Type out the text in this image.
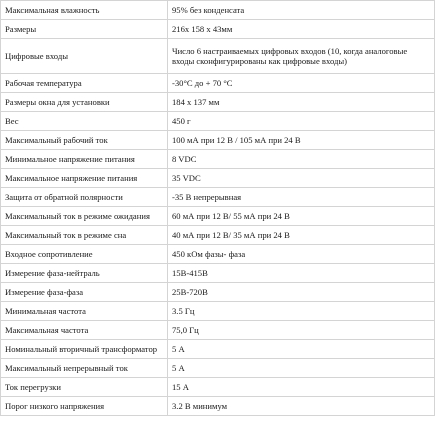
Максимальная влажность	95% без конденсата
Размеры	216x 158 x 43мм
Цифровые входы	Число 6 настраиваемых цифровых входов (10, когда аналоговые входы сконфигурированы как цифровые входы)
Рабочая температура	-30°C до + 70 °C
Размеры окна для установки	184 x 137 мм
Вес	450 г
Максимальный рабочий ток	100 мА при 12 В / 105 мА при 24 В
Минимальное напряжение питания	8 VDC
Максимальное напряжение питания	35 VDC
Защита от обратной полярности	-35 В непрерывная
Максимальный ток в режиме ожидания	60 мА при 12 В/ 55 мА при 24 В
Максимальный ток в режиме сна	40 мА при 12 В/ 35 мА при 24 В
Входное сопротивление	450 кОм фазы- фаза
Измерение фаза-нейтраль	15В-415В
Измерение фаза-фаза	25В-720В
Минимальная частота	3.5 Гц
Максимальная частота	75,0 Гц
Номинальный вторичный трансформатор	5 А
Максимальный непрерывный ток	5 А
Ток перегрузки	15 А
Порог низкого напряжения	3.2 В минимум
